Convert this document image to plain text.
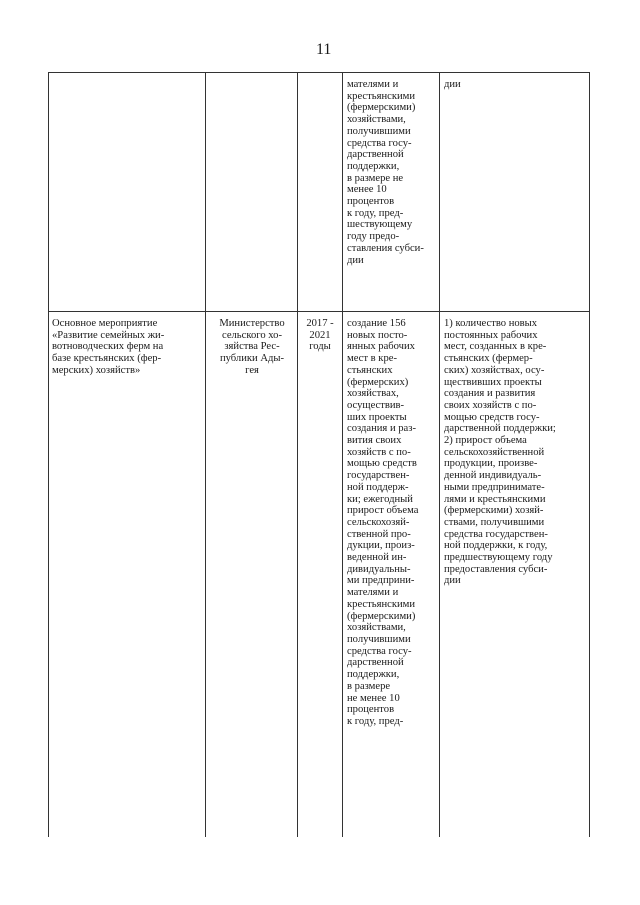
11

мателями и
крестьянскими
(фермерскими)
хозяйствами,
получившими
средства госу-
дарственной
поддержки,
в размере не
менее 10
процентов
к году, пред-
шествующему
году предо-
ставления субси-
дии

дии

Основное мероприятие
«Развитие семейных жи-
вотноводческих ферм на
базе крестьянских (фер-
мерских) хозяйств»

Министерство
сельского хо-
зяйства Рес-
публики Ады-
гея

2017 -
2021
годы

создание 156
новых посто-
янных рабочих
мест в кре-
стьянских
(фермерских)
хозяйствах,
осуществив-
ших проекты
создания и раз-
вития своих
хозяйств с по-
мощью средств
государствен-
ной поддерж-
ки; ежегодный
прирост объема
сельскохозяй-
ственной про-
дукции, произ-
веденной ин-
дивидуальны-
ми предприни-
мателями и
крестьянскими
(фермерскими)
хозяйствами,
получившими
средства госу-
дарственной
поддержки,
в размере
не менее 10
процентов
к году, пред-

1) количество новых
постоянных рабочих
мест, созданных в кре-
стьянских (фермер-
ских) хозяйствах, осу-
ществивших проекты
создания и развития
своих хозяйств с по-
мощью средств госу-
дарственной поддержки;
2) прирост объема
сельскохозяйственной
продукции, произве-
денной индивидуаль-
ными предпринимате-
лями и крестьянскими
(фермерскими) хозяй-
ствами, получившими
средства государствен-
ной поддержки, к году,
предшествующему году
предоставления субси-
дии
